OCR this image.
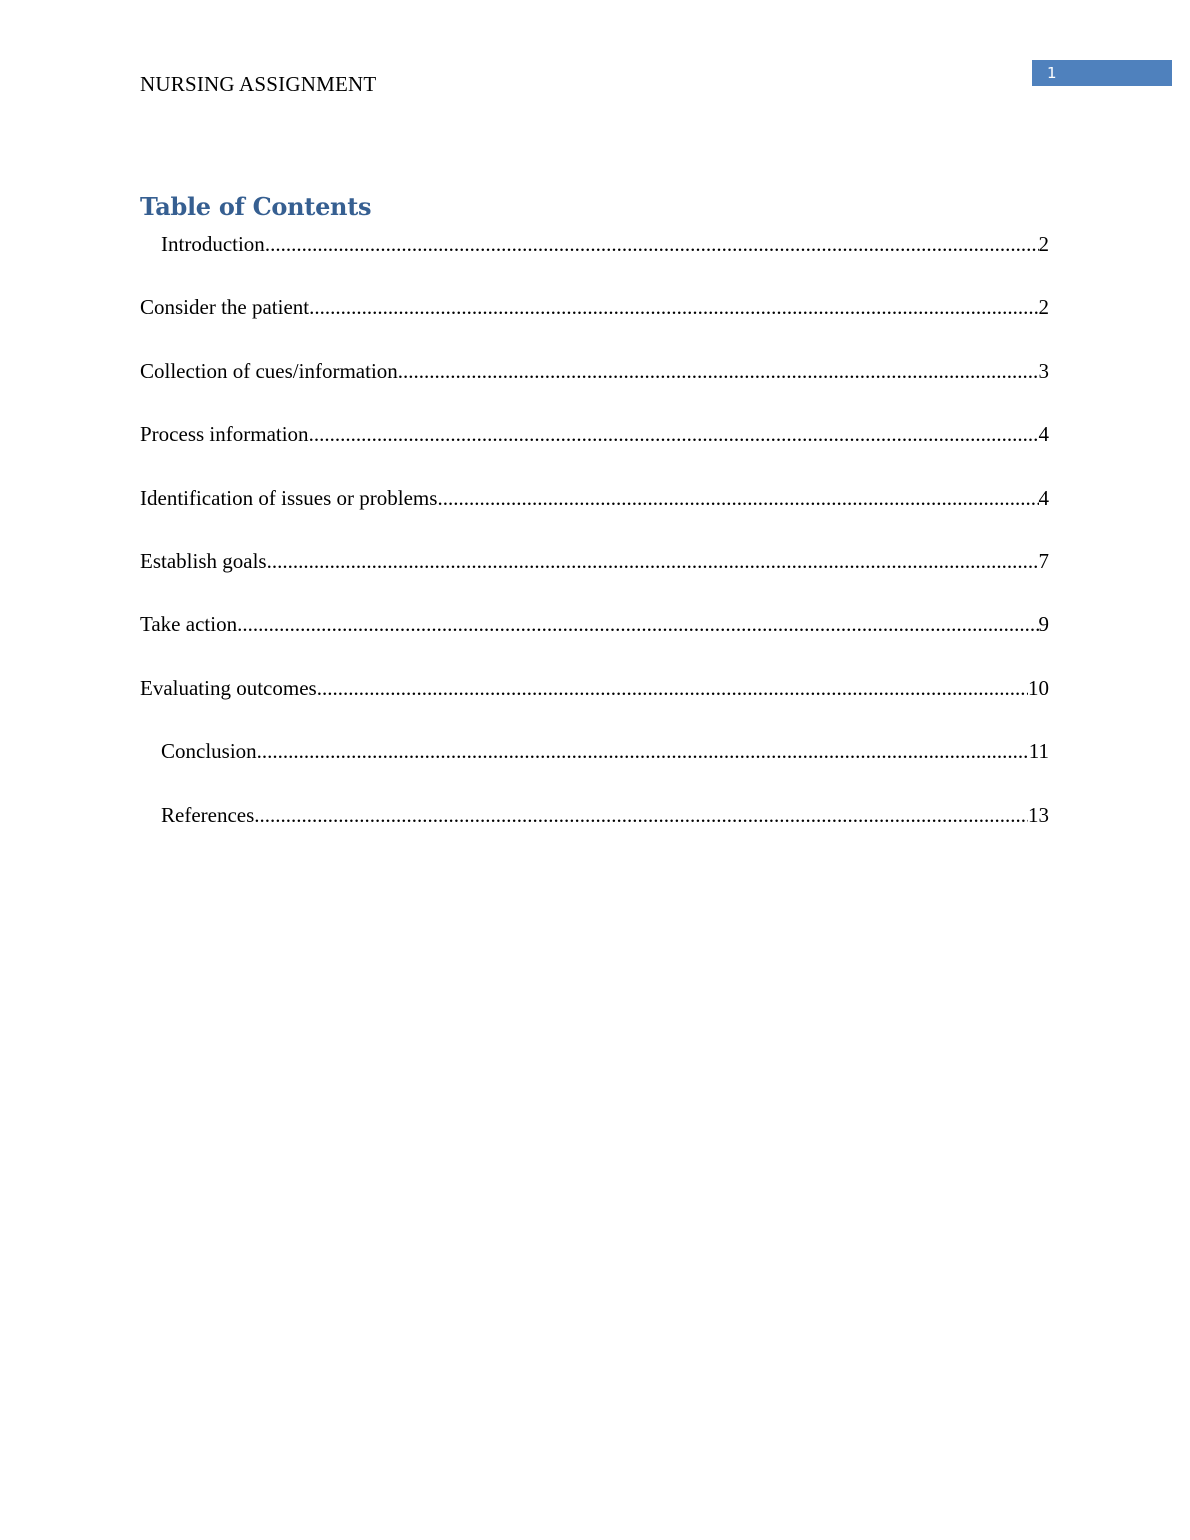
NURSING ASSIGNMENT	1
Table of Contents
Introduction .....	2
Consider the patient .....	2
Collection of cues/information .....	3
Process information .....	4
Identification of issues or problems .....	4
Establish goals .....	7
Take action .....	9
Evaluating outcomes .....	10
Conclusion .....	11
References .....	13
